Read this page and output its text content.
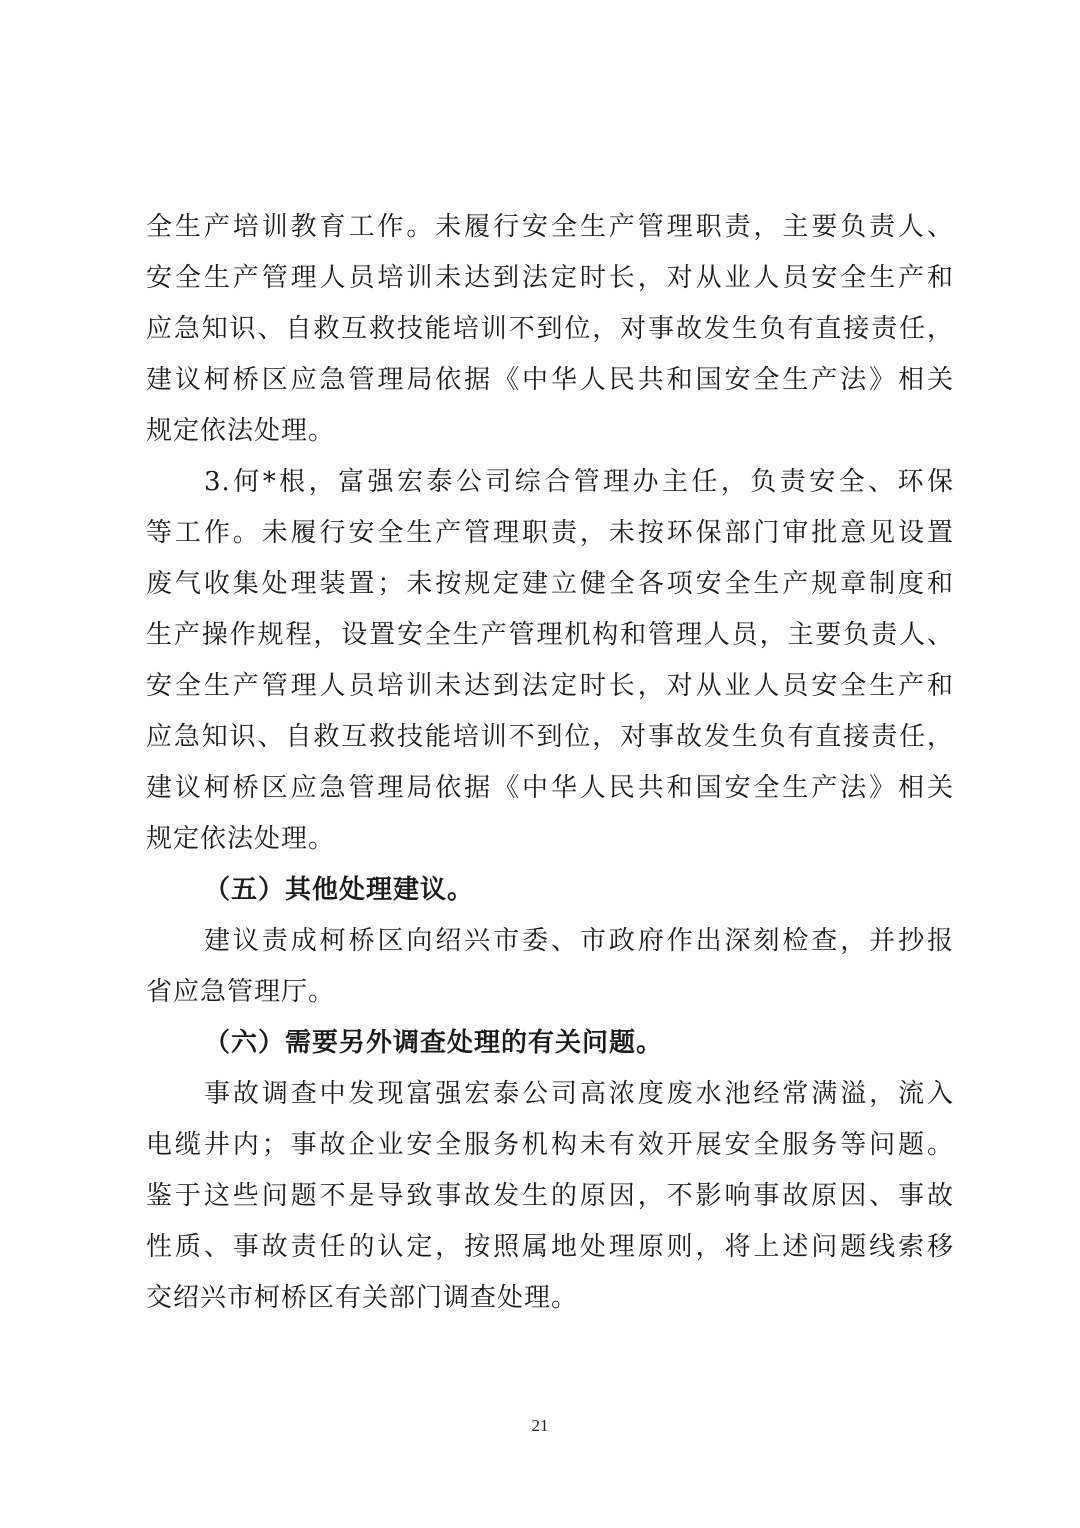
全生产培训教育工作。未履行安全生产管理职责，主要负责人、
安全生产管理人员培训未达到法定时长，对从业人员安全生产和
应急知识、自救互救技能培训不到位，对事故发生负有直接责任，
建议柯桥区应急管理局依据《中华人民共和国安全生产法》相关
规定依法处理。
3.何*根，富强宏泰公司综合管理办主任，负责安全、环保
等工作。未履行安全生产管理职责，未按环保部门审批意见设置
废气收集处理装置；未按规定建立健全各项安全生产规章制度和
生产操作规程，设置安全生产管理机构和管理人员，主要负责人、
安全生产管理人员培训未达到法定时长，对从业人员安全生产和
应急知识、自救互救技能培训不到位，对事故发生负有直接责任，
建议柯桥区应急管理局依据《中华人民共和国安全生产法》相关
规定依法处理。
（五）其他处理建议。
建议责成柯桥区向绍兴市委、市政府作出深刻检查，并抄报
省应急管理厅。
（六）需要另外调查处理的有关问题。
事故调查中发现富强宏泰公司高浓度废水池经常满溢，流入
电缆井内；事故企业安全服务机构未有效开展安全服务等问题。
鉴于这些问题不是导致事故发生的原因，不影响事故原因、事故
性质、事故责任的认定，按照属地处理原则，将上述问题线索移
交绍兴市柯桥区有关部门调查处理。
21
